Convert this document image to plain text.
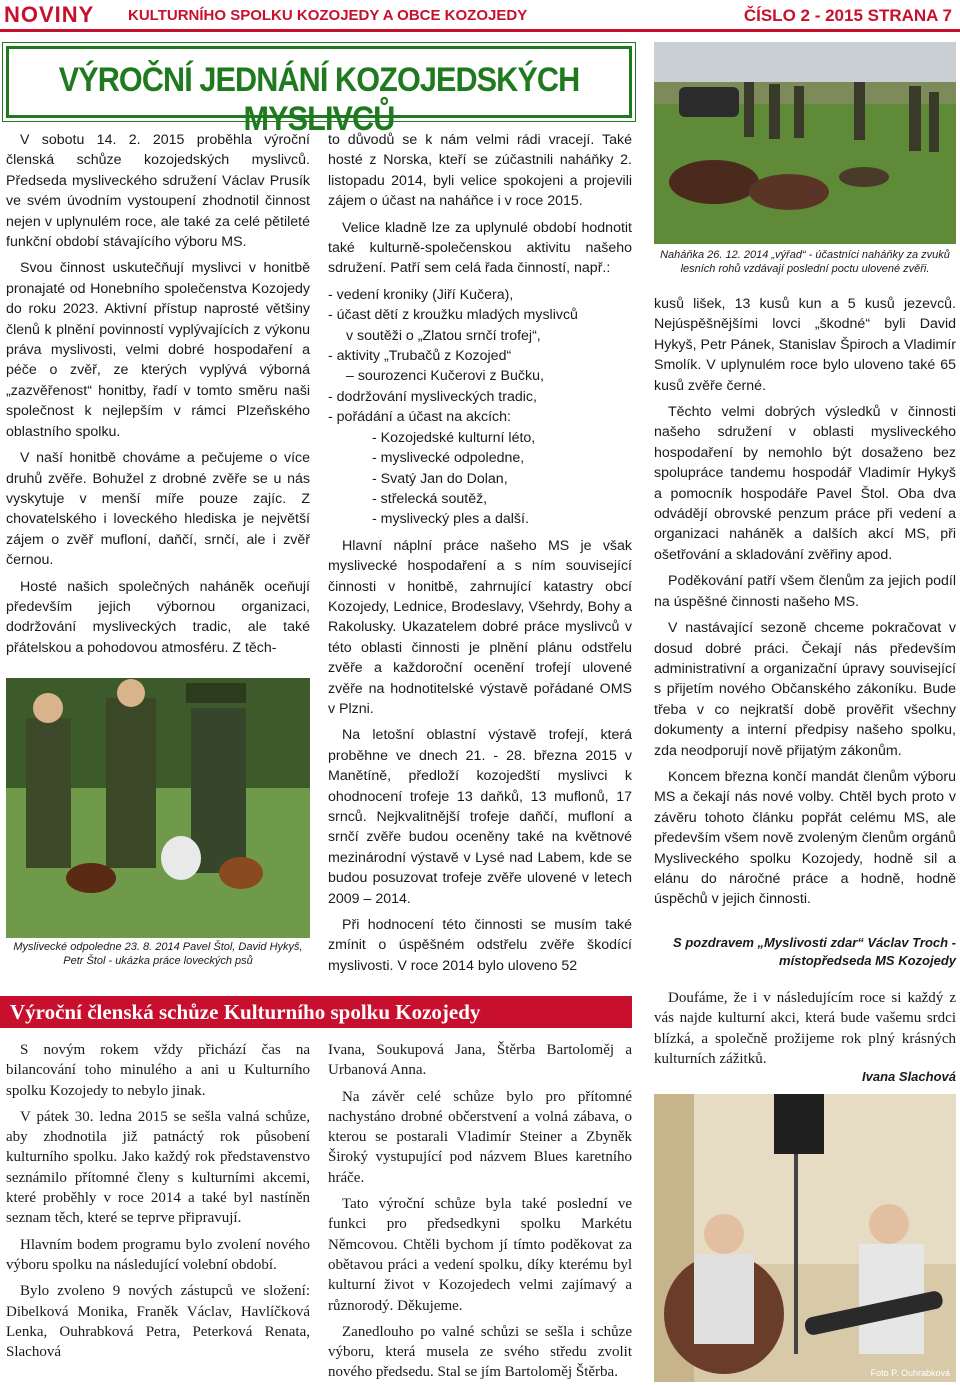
NOVINY KULTURNÍHO SPOLKU KOZOJEDY A OBCE KOZOJEDY	ČÍSLO 2 - 2015 STRANA 7
VÝROČNÍ JEDNÁNÍ KOZOJEDSKÝCH MYSLIVCŮ
Naháňka 26. 12. 2014 „výřad“ - účastníci naháňky za zvuků lesních rohů vzdávají poslední poctu ulovené zvěři.

V sobotu 14. 2. 2015 proběhla výroční členská schůze kozojedských myslivců. Předseda mysliveckého sdružení Václav Prusík ve svém úvodním vystoupení zhodnotil činnost nejen v uplynulém roce, ale také za celé pětileté funkční období stávajícího výboru MS.

Svou činnost uskutečňují myslivci v honitbě pronajaté od Honebního společenstva Kozojedy do roku 2023. Aktivní přístup naprosté většiny členů k plnění povinností vyplývajících z výkonu práva myslivosti, velmi dobré hospodaření a péče o zvěř, ze kterých vyplývá výborná „zazvěřenost“ honitby, řadí v tomto směru naši společnost k nejlepším v rámci Plzeňského oblastního spolku.

V naší honitbě chováme a pečujeme o více druhů zvěře. Bohužel z drobné zvěře se u nás vyskytuje v menší míře pouze zajíc. Z chovatelského i loveckého hlediska je největší zájem o zvěř mufloní, daňčí, srnčí, ale i zvěř černou.

Hosté našich společných nahánĕk oceňují především jejich výbornou organizaci, dodržování mysliveckých tradic, ale také přátelskou a pohodovou atmosféru. Z těch-

Myslivecké odpoledne 23. 8. 2014 Pavel Štol, David Hykyš, Petr Štol - ukázka práce loveckých psů

to důvodů se k nám velmi rádi vracejí. Také hosté z Norska, kteří se zúčastnili naháňky 2. listopadu 2014, byli velice spokojeni a projevili zájem o účast na naháňce i v roce 2015.

Velice kladně lze za uplynulé období hodnotit také kulturně-společenskou aktivitu našeho sdružení. Patří sem celá řada činností, např.:

- vedení kroniky (Jiří Kučera),
- účast dětí z kroužku mladých myslivců
v soutěži o „Zlatou srnčí trofej“,
- aktivity „Trubačů z Kozojed“
– sourozenci Kučerovi z Bučku,
- dodržování mysliveckých tradic,
- pořádání a účast na akcích:
- Kozojedské kulturní léto,
- myslivecké odpoledne,
- Svatý Jan do Dolan,
- střelecká soutěž,
- myslivecký ples a další.

Hlavní náplní práce našeho MS je však myslivecké hospodaření a s ním související činnosti v honitbě, zahrnující katastry obcí Kozojedy, Lednice, Brodeslavy, Všehrdy, Bohy a Rakolusky. Ukazatelem dobré práce myslivců v této oblasti činnosti je plnění plánu odstřelu zvěře a každoroční ocenění trofejí ulovené zvěře na hodnotitelské výstavě pořádané OMS v Plzni.

Na letošní oblastní výstavě trofejí, která proběhne ve dnech 21. - 28. března 2015 v Manětíně, předloží kozojedští myslivci k ohodnocení trofeje 13 daňků, 13 muflonů, 17 srnců. Nejkvalitnější trofeje daňčí, mufloní a srnčí zvěře budou oceněny také na květnové mezinárodní výstavě v Lysé nad Labem, kde se budou posuzovat trofeje zvěře ulovené v letech 2009 – 2014.

Při hodnocení této činnosti se musím také zmínit o úspěšném odstřelu zvěře škodící myslivosti. V roce 2014 bylo uloveno 52

kusů lišek, 13 kusů kun a 5 kusů jezevců. Nejúspěšnějšími lovci „škodné“ byli David Hykyš, Petr Pánek, Stanislav Špiroch a Vladimír Smolík. V uplynulém roce bylo uloveno také 65 kusů zvěře černé.

Těchto velmi dobrých výsledků v činnosti našeho sdružení v oblasti mysliveckého hospodaření by nemohlo být dosaženo bez spolupráce tandemu hospodář Vladimír Hykyš a pomocník hospodáře Pavel Štol. Oba dva odvádějí obrovské penzum práce při vedení a organizaci naháněk a dalších akcí MS, při ošetřování a skladování zvěřiny apod.

Poděkování patří všem členům za jejich podíl na úspěšné činnosti našeho MS.

V nastávající sezoně chceme pokračovat v dosud dobré práci. Čekají nás především administrativní a organizační úpravy související s přijetím nového Občanského zákoníku. Bude třeba v co nejkratší době prověřit všechny dokumenty a interní předpisy našeho spolku, zda neodporují nově přijatým zákonům.

Koncem března končí mandát členům výboru MS a čekají nás nové volby. Chtěl bych proto v závěru tohoto článku popřát celému MS, ale především všem nově zvoleným členům orgánů Mysliveckého spolku Kozojedy, hodně sil a elánu do náročné práce a hodně, hodně úspěchů v jejich činnosti.

S pozdravem „Myslivosti zdar“ Václav Troch - místopředseda MS Kozojedy
Výroční členská schůze Kulturního spolku Kozojedy

S novým rokem vždy přichází čas na bilancování toho minulého a ani u Kulturního spolku Kozojedy to nebylo jinak.

V pátek 30. ledna 2015 se sešla valná schůze, aby zhodnotila již patnáctý rok působení kulturního spolku. Jako každý rok představenstvo seznámilo přítomné členy s kulturními akcemi, které proběhly v roce 2014 a také byl nastíněn seznam těch, které se teprve připravují.

Hlavním bodem programu bylo zvolení nového výboru spolku na následující volební období.

Bylo zvoleno 9 nových zástupců ve složení: Dibelková Monika, Franěk Václav, Havlíčková Lenka, Ouhrabková Petra, Peterková Renata, Slachová

Ivana, Soukupová Jana, Štěrba Bartoloměj a Urbanová Anna.

Na závěr celé schůze bylo pro přítomné nachystáno drobné občerstvení a volná zábava, o kterou se postarali Vladimír Steiner a Zbyněk Široký vystupující pod názvem Blues karetního hráče.

Tato výroční schůze byla také poslední ve funkci pro předsedkyni spolku Markétu Němcovou. Chtěli bychom jí tímto poděkovat za obětavou práci a vedení spolku, díky kterému byl kulturní život v Kozojedech velmi zajímavý a různorodý. Děkujeme.

Zanedlouho po valné schůzi se sešla i schůze výboru, která musela ze svého středu zvolit nového předsedu. Stal se jím Bartoloměj Štěrba.

Doufáme, že i v následujícím roce si každý z vás najde kulturní akci, která bude vašemu srdci blízká, a společně prožijeme rok plný krásných kulturních zážitků.

Ivana Slachová
Foto P. Ouhrabková
